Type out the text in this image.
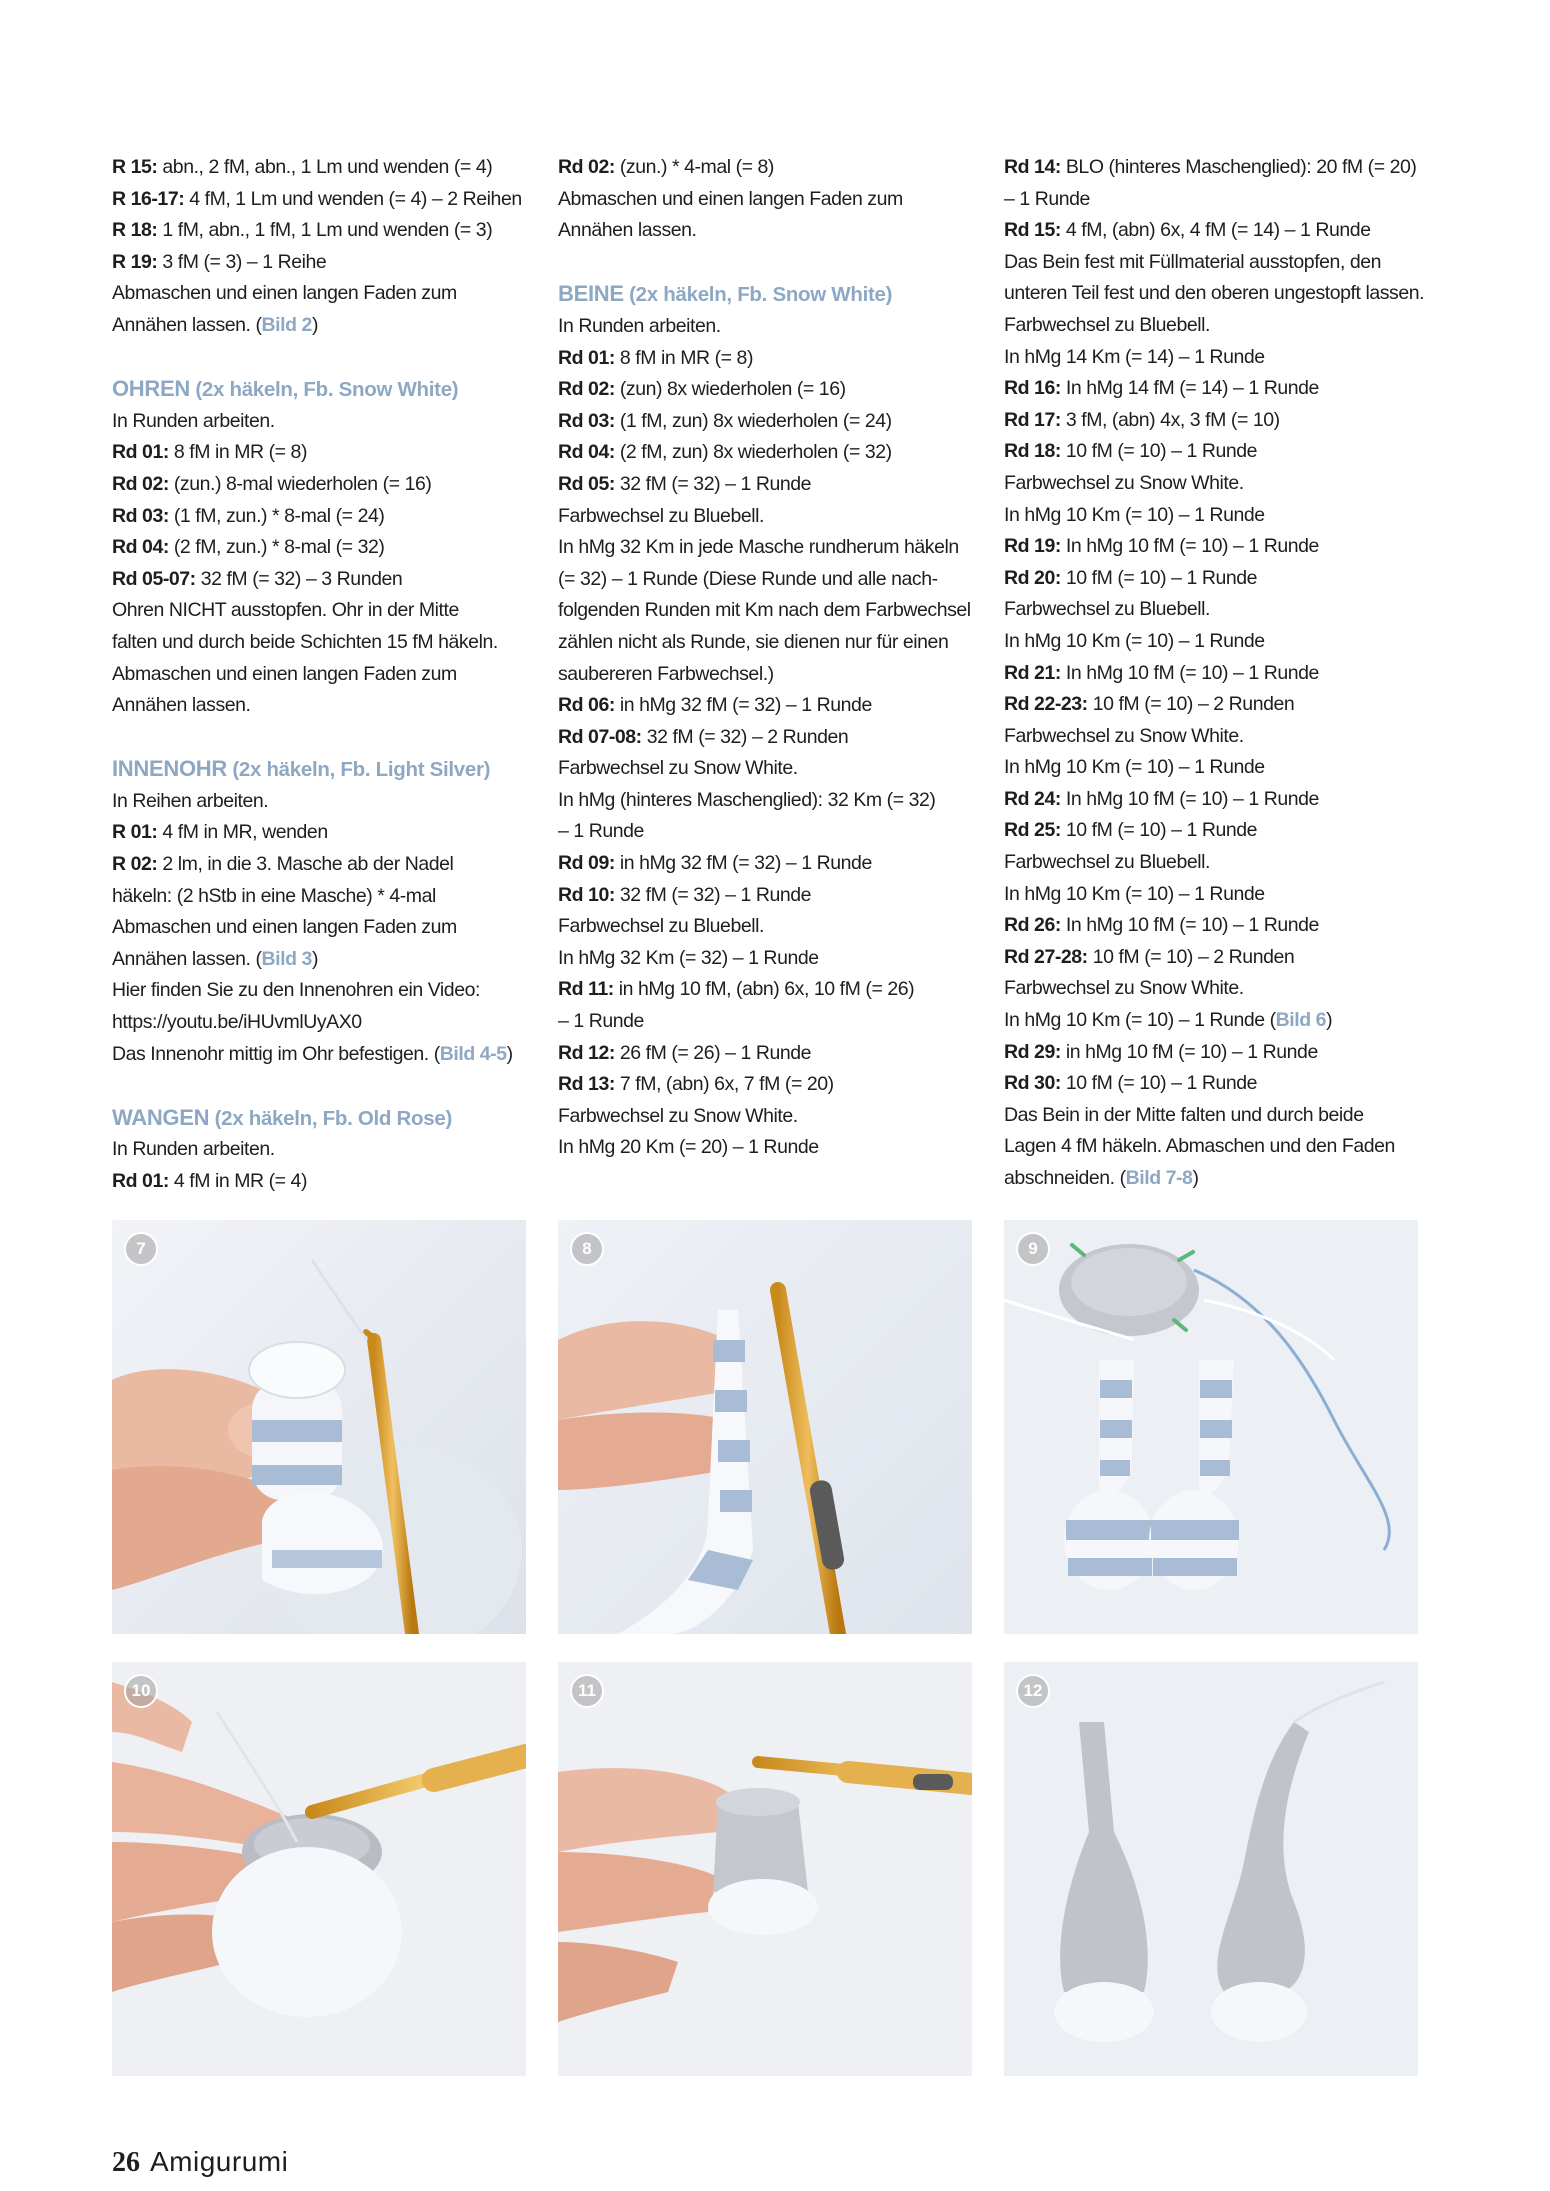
R 15: abn., 2 fM, abn., 1 Lm und wenden (= 4)
R 16-17: 4 fM, 1 Lm und wenden (= 4) – 2 Reihen
R 18: 1 fM, abn., 1 fM, 1 Lm und wenden (= 3)
R 19: 3 fM (= 3) – 1 Reihe
Abmaschen und einen langen Faden zum
Annähen lassen. (Bild 2)
OHREN (2x häkeln, Fb. Snow White)
In Runden arbeiten.
Rd 01: 8 fM in MR (= 8)
Rd 02: (zun.) 8-mal wiederholen (= 16)
Rd 03: (1 fM, zun.) * 8-mal (= 24)
Rd 04: (2 fM, zun.) * 8-mal (= 32)
Rd 05-07: 32 fM (= 32) – 3 Runden
Ohren NICHT ausstopfen. Ohr in der Mitte
falten und durch beide Schichten 15 fM häkeln.
Abmaschen und einen langen Faden zum
Annähen lassen.
INNENOHR (2x häkeln, Fb. Light Silver)
In Reihen arbeiten.
R 01: 4 fM in MR, wenden
R 02: 2 lm, in die 3. Masche ab der Nadel
häkeln: (2 hStb in eine Masche) * 4-mal
Abmaschen und einen langen Faden zum
Annähen lassen. (Bild 3)
Hier finden Sie zu den Innenohren ein Video:
https://youtu.be/iHUvmlUyAX0
Das Innenohr mittig im Ohr befestigen. (Bild 4-5)
WANGEN (2x häkeln, Fb. Old Rose)
In Runden arbeiten.
Rd 01: 4 fM in MR (= 4)
Rd 02: (zun.) * 4-mal (= 8)
Abmaschen und einen langen Faden zum
Annähen lassen.
BEINE (2x häkeln, Fb. Snow White)
In Runden arbeiten.
Rd 01: 8 fM in MR (= 8)
Rd 02: (zun) 8x wiederholen (= 16)
Rd 03: (1 fM, zun) 8x wiederholen (= 24)
Rd 04: (2 fM, zun) 8x wiederholen (= 32)
Rd 05: 32 fM (= 32) – 1 Runde
Farbwechsel zu Bluebell.
In hMg 32 Km in jede Masche rundherum häkeln
(= 32) – 1 Runde (Diese Runde und alle nach-
folgenden Runden mit Km nach dem Farbwechsel
zählen nicht als Runde, sie dienen nur für einen
saubereren Farbwechsel.)
Rd 06: in hMg 32 fM (= 32) – 1 Runde
Rd 07-08: 32 fM (= 32) – 2 Runden
Farbwechsel zu Snow White.
In hMg (hinteres Maschenglied): 32 Km (= 32)
– 1 Runde
Rd 09: in hMg 32 fM (= 32) – 1 Runde
Rd 10: 32 fM (= 32) – 1 Runde
Farbwechsel zu Bluebell.
In hMg 32 Km (= 32) – 1 Runde
Rd 11: in hMg 10 fM, (abn) 6x, 10 fM (= 26)
– 1 Runde
Rd 12: 26 fM (= 26) – 1 Runde
Rd 13: 7 fM, (abn) 6x, 7 fM (= 20)
Farbwechsel zu Snow White.
In hMg 20 Km (= 20) – 1 Runde
Rd 14: BLO (hinteres Maschenglied): 20 fM (= 20)
– 1 Runde
Rd 15: 4 fM, (abn) 6x, 4 fM (= 14) – 1 Runde
Das Bein fest mit Füllmaterial ausstopfen, den
unteren Teil fest und den oberen ungestopft lassen.
Farbwechsel zu Bluebell.
In hMg 14 Km (= 14) – 1 Runde
Rd 16: In hMg 14 fM (= 14) – 1 Runde
Rd 17: 3 fM, (abn) 4x, 3 fM (= 10)
Rd 18: 10 fM (= 10) – 1 Runde
Farbwechsel zu Snow White.
In hMg 10 Km (= 10) – 1 Runde
Rd 19: In hMg 10 fM (= 10) – 1 Runde
Rd 20: 10 fM (= 10) – 1 Runde
Farbwechsel zu Bluebell.
In hMg 10 Km (= 10) – 1 Runde
Rd 21: In hMg 10 fM (= 10) – 1 Runde
Rd 22-23: 10 fM (= 10) – 2 Runden
Farbwechsel zu Snow White.
In hMg 10 Km (= 10) – 1 Runde
Rd 24: In hMg 10 fM (= 10) – 1 Runde
Rd 25: 10 fM (= 10) – 1 Runde
Farbwechsel zu Bluebell.
In hMg 10 Km (= 10) – 1 Runde
Rd 26: In hMg 10 fM (= 10) – 1 Runde
Rd 27-28: 10 fM (= 10) – 2 Runden
Farbwechsel zu Snow White.
In hMg 10 Km (= 10) – 1 Runde (Bild 6)
Rd 29: in hMg 10 fM (= 10) – 1 Runde
Rd 30: 10 fM (= 10) – 1 Runde
Das Bein in der Mitte falten und durch beide
Lagen 4 fM häkeln. Abmaschen und den Faden
abschneiden. (Bild 7-8)
7	8	9
10	11	12
26 Amigurumi
